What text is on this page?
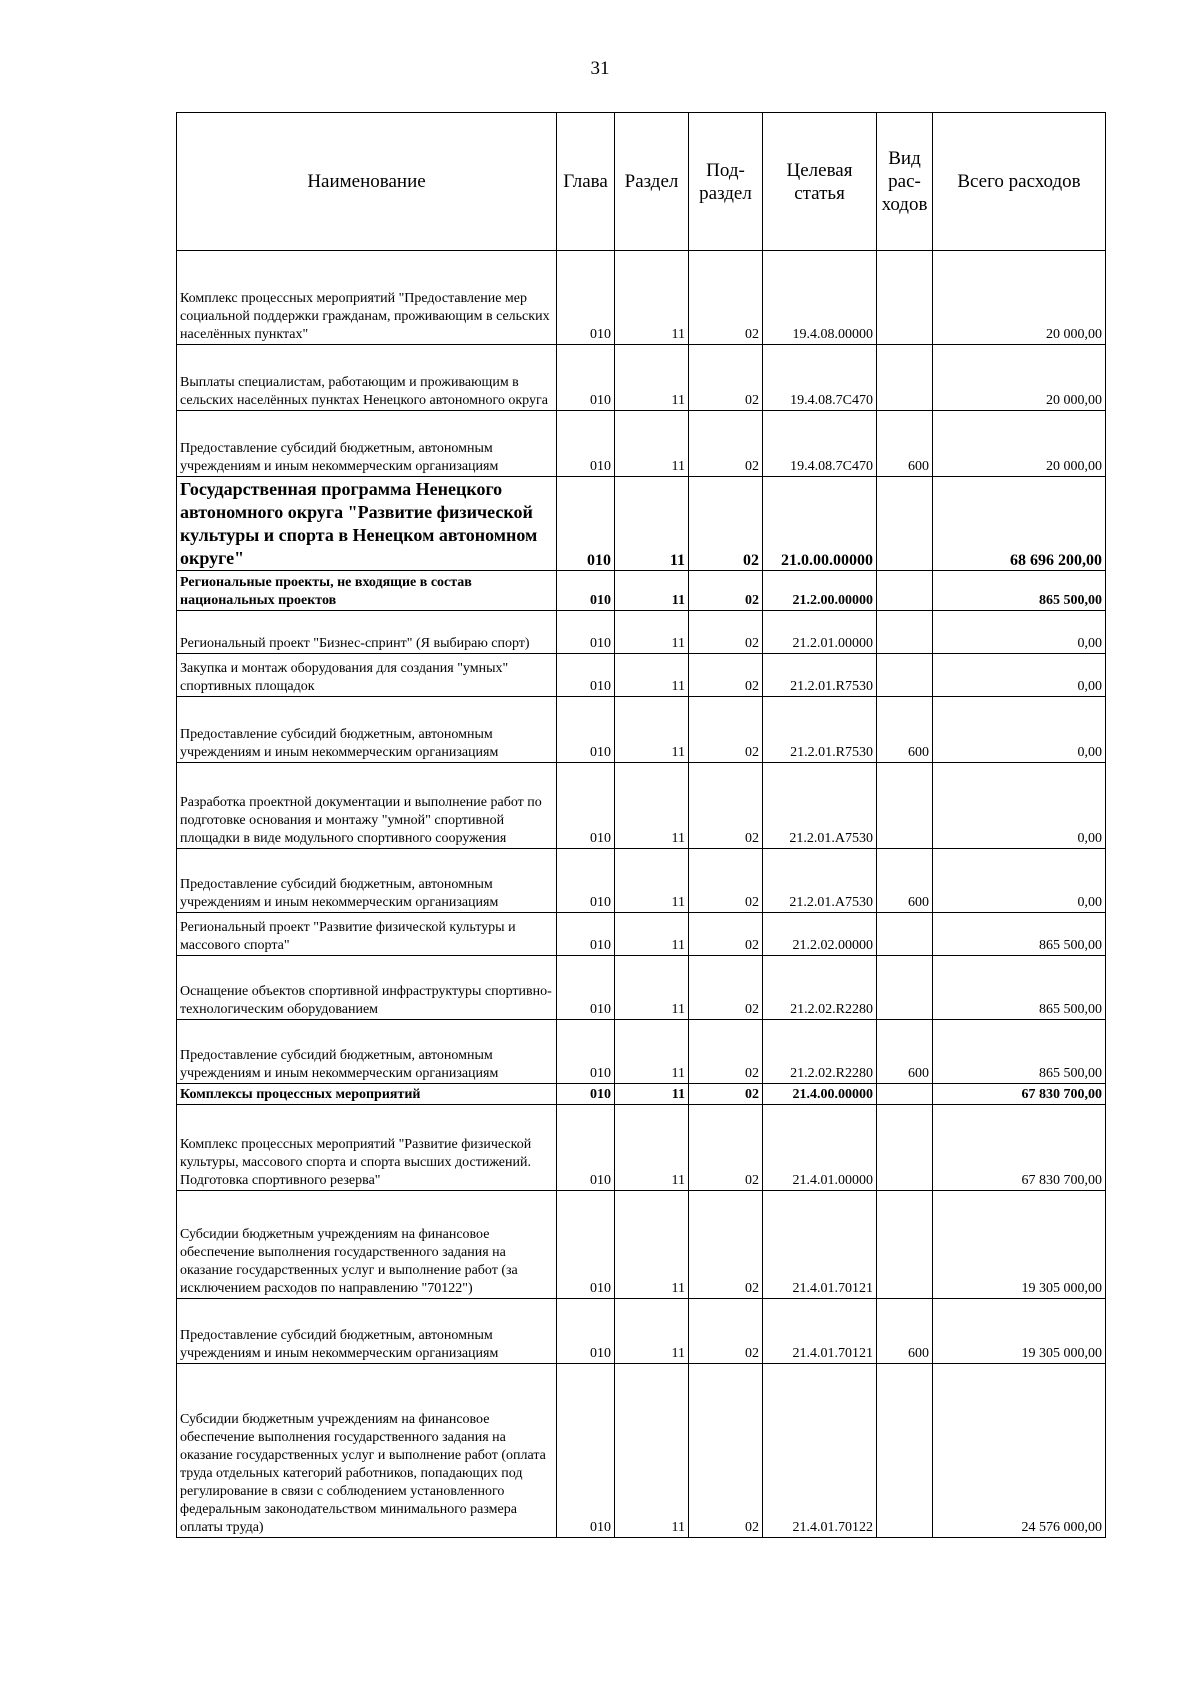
31
Наименование	Глава	Раздел	Под-раздел	Целевая статья	Вид рас-ходов	Всего расходов
Комплекс процессных мероприятий "Предоставление мер социальной поддержки гражданам, проживающим в сельских населённых пунктах"	010	11	02	19.4.08.00000		20 000,00
Выплаты специалистам, работающим и проживающим в сельских населённых пунктах Ненецкого автономного округа	010	11	02	19.4.08.7С470		20 000,00
Предоставление субсидий бюджетным, автономным учреждениям и иным некоммерческим организациям	010	11	02	19.4.08.7С470	600	20 000,00
Государственная программа Ненецкого автономного округа "Развитие физической культуры и спорта в Ненецком автономном округе"	010	11	02	21.0.00.00000		68 696 200,00
Региональные проекты, не входящие в состав национальных проектов	010	11	02	21.2.00.00000		865 500,00
Региональный проект "Бизнес-спринт" (Я выбираю спорт)	010	11	02	21.2.01.00000		0,00
Закупка и монтаж оборудования для создания "умных" спортивных площадок	010	11	02	21.2.01.R7530		0,00
Предоставление субсидий бюджетным, автономным учреждениям и иным некоммерческим организациям	010	11	02	21.2.01.R7530	600	0,00
Разработка проектной документации и выполнение работ по подготовке основания и монтажу "умной" спортивной площадки в виде модульного спортивного сооружения	010	11	02	21.2.01.А7530		0,00
Предоставление субсидий бюджетным, автономным учреждениям и иным некоммерческим организациям	010	11	02	21.2.01.А7530	600	0,00
Региональный проект "Развитие физической культуры и массового спорта"	010	11	02	21.2.02.00000		865 500,00
Оснащение объектов спортивной инфраструктуры спортивно-технологическим оборудованием	010	11	02	21.2.02.R2280		865 500,00
Предоставление субсидий бюджетным, автономным учреждениям и иным некоммерческим организациям	010	11	02	21.2.02.R2280	600	865 500,00
Комплексы процессных мероприятий	010	11	02	21.4.00.00000		67 830 700,00
Комплекс процессных мероприятий "Развитие физической культуры, массового спорта и спорта высших достижений. Подготовка спортивного резерва"	010	11	02	21.4.01.00000		67 830 700,00
Субсидии бюджетным учреждениям на финансовое обеспечение выполнения государственного задания на оказание государственных услуг и выполнение работ (за исключением расходов по направлению "70122")	010	11	02	21.4.01.70121		19 305 000,00
Предоставление субсидий бюджетным, автономным учреждениям и иным некоммерческим организациям	010	11	02	21.4.01.70121	600	19 305 000,00
Субсидии бюджетным учреждениям на финансовое обеспечение выполнения государственного задания на оказание государственных услуг и выполнение работ (оплата труда отдельных категорий работников, попадающих под регулирование в связи с соблюдением установленного федеральным законодательством минимального размера оплаты труда)	010	11	02	21.4.01.70122		24 576 000,00
